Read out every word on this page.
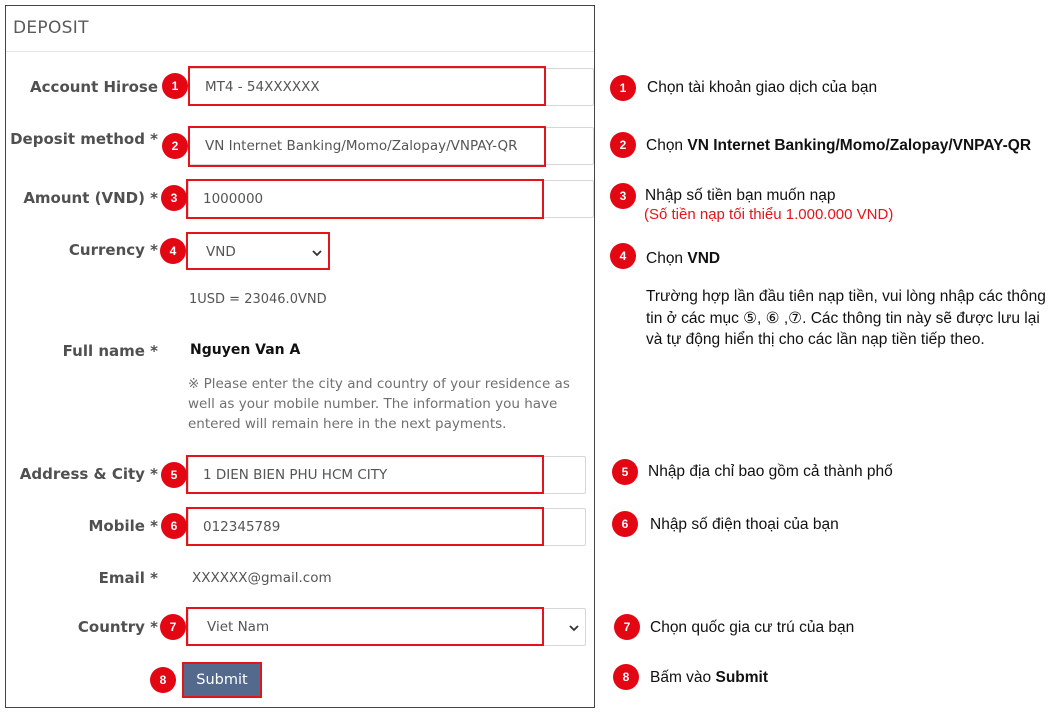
DEPOSIT
Account Hirose	MT4 - 54XXXXXX
1
Deposit method *	VN Internet Banking/Momo/Zalopay/VNPAY-QR
2
Amount (VND) *	1000000
3
Currency *	VND
4
1USD = 23046.0VND
Full name * Nguyen Van A
※ Please enter the city and country of your residence as well as your mobile number. The information you have entered will remain here in the next payments.
Address & City *	1 DIEN BIEN PHU HCM CITY
5
Mobile *	012345789
6
Email *	XXXXXX@gmail.com
Country *	Viet Nam
7
Submit
8
1	Chọn tài khoản giao dịch của bạn
2	Chọn VN Internet Banking/Momo/Zalopay/VNPAY-QR
3	Nhập số tiền bạn muốn nạp
(Số tiền nạp tối thiểu 1.000.000 VND)
4	Chọn VND
Trường hợp lần đầu tiên nạp tiền, vui lòng nhập các thông tin ở các mục ⑤, ⑥ ,⑦. Các thông tin này sẽ được lưu lại và tự động hiển thị cho các lần nạp tiền tiếp theo.
5	Nhập địa chỉ bao gồm cả thành phố
6	Nhập số điện thoại của bạn
7	Chọn quốc gia cư trú của bạn
8	Bấm vào Submit
